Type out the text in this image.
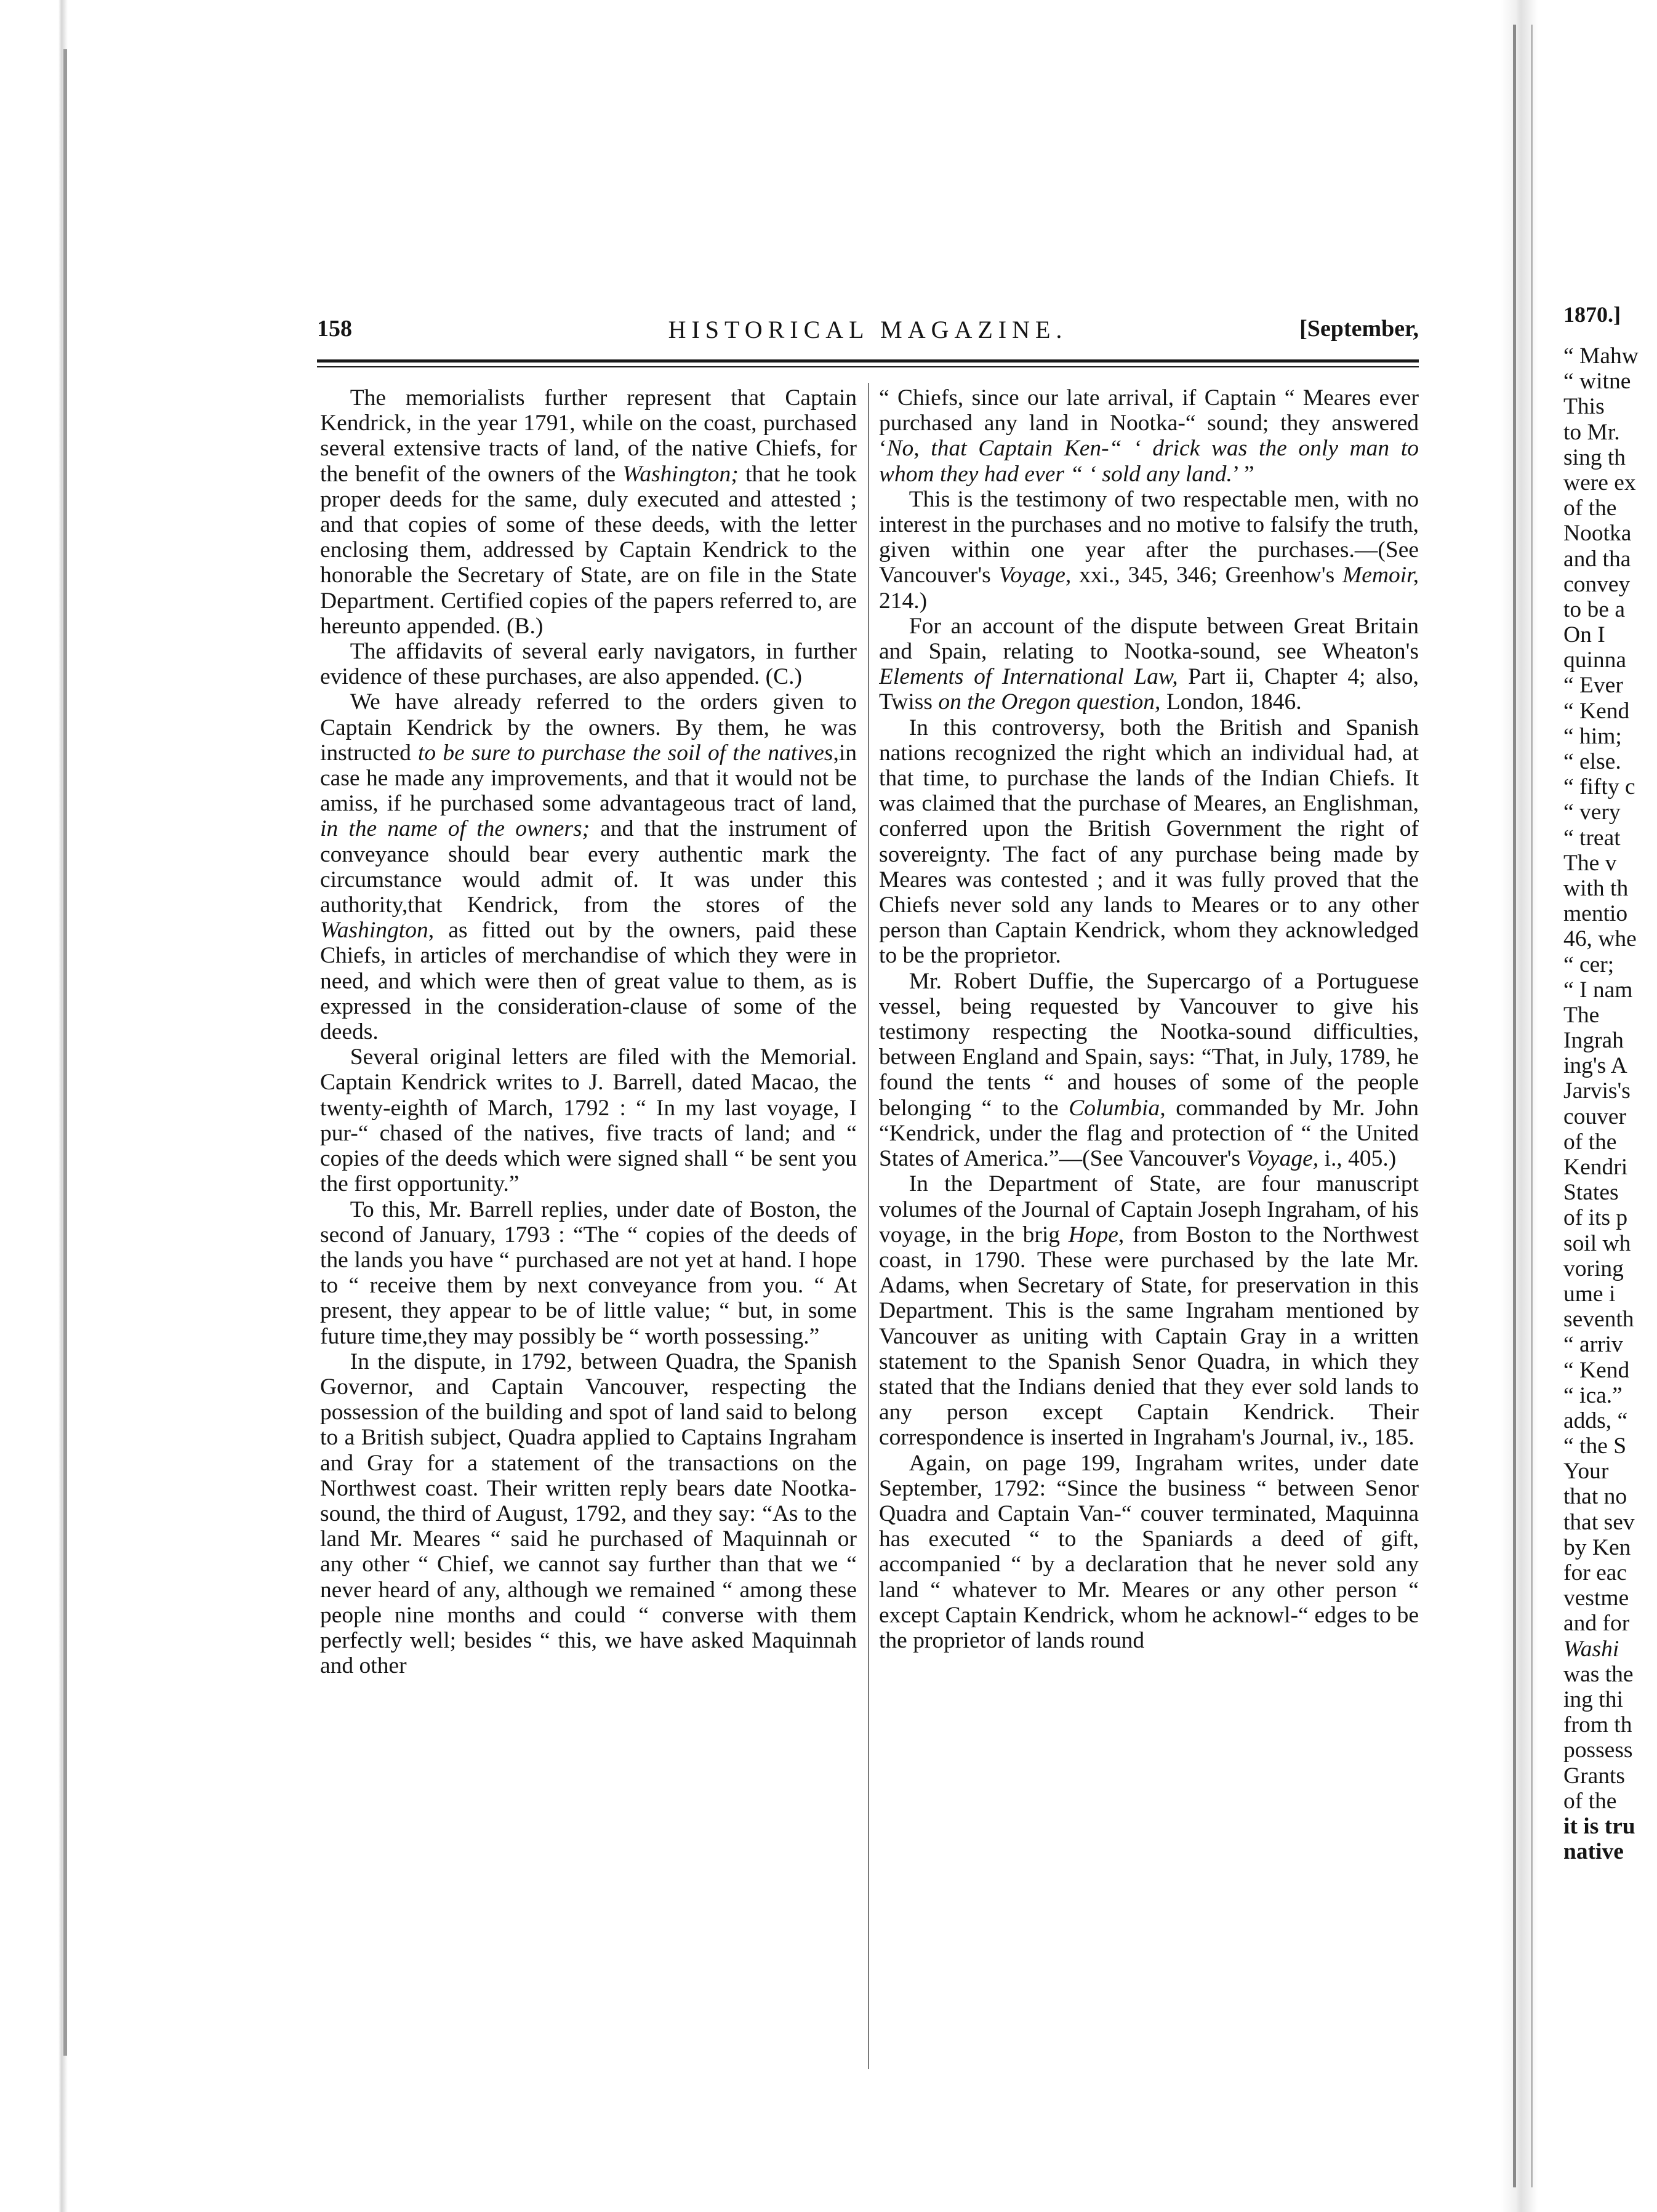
158	HISTORICAL MAGAZINE.	[September,

The memorialists further represent that Captain Kendrick, in the year 1791, while on the coast, purchased several extensive tracts of land, of the native Chiefs, for the benefit of the owners of the Washington; that he took proper deeds for the same, duly executed and attested ; and that copies of some of these deeds, with the letter enclosing them, addressed by Captain Kendrick to the honorable the Secretary of State, are on file in the State Department. Certified copies of the papers referred to, are hereunto appended. (B.)

The affidavits of several early navigators, in further evidence of these purchases, are also appended. (C.)

We have already referred to the orders given to Captain Kendrick by the owners. By them, he was instructed to be sure to purchase the soil of the natives,in case he made any improvements, and that it would not be amiss, if he purchased some advantageous tract of land, in the name of the owners; and that the instrument of conveyance should bear every authentic mark the circumstance would admit of. It was under this authority,that Kendrick, from the stores of the Washington, as fitted out by the owners, paid these Chiefs, in articles of merchandise of which they were in need, and which were then of great value to them, as is expressed in the consideration-clause of some of the deeds.

Several original letters are filed with the Memorial. Captain Kendrick writes to J. Barrell, dated Macao, the twenty-eighth of March, 1792 : “ In my last voyage, I pur-“ chased of the natives, five tracts of land; and “ copies of the deeds which were signed shall “ be sent you the first opportunity.”

To this, Mr. Barrell replies, under date of Boston, the second of January, 1793 : “The “ copies of the deeds of the lands you have “ purchased are not yet at hand. I hope to “ receive them by next conveyance from you. “ At present, they appear to be of little value; “ but, in some future time,they may possibly be “ worth possessing.”

In the dispute, in 1792, between Quadra, the Spanish Governor, and Captain Vancouver, respecting the possession of the building and spot of land said to belong to a British subject, Quadra applied to Captains Ingraham and Gray for a statement of the transactions on the Northwest coast. Their written reply bears date Nootka-sound, the third of August, 1792, and they say: “As to the land Mr. Meares “ said he purchased of Maquinnah or any other “ Chief, we cannot say further than that we “ never heard of any, although we remained “ among these people nine months and could “ converse with them perfectly well; besides “ this, we have asked Maquinnah and other

“ Chiefs, since our late arrival, if Captain “ Meares ever purchased any land in Nootka-“ sound; they answered ‘No, that Captain Ken-“ ‘ drick was the only man to whom they had ever “ ‘ sold any land.’ ”

This is the testimony of two respectable men, with no interest in the purchases and no motive to falsify the truth, given within one year after the purchases.—(See Vancouver's Voyage, xxi., 345, 346; Greenhow's Memoir, 214.)

For an account of the dispute between Great Britain and Spain, relating to Nootka-sound, see Wheaton's Elements of International Law, Part ii, Chapter 4; also, Twiss on the Oregon question, London, 1846.

In this controversy, both the British and Spanish nations recognized the right which an individual had, at that time, to purchase the lands of the Indian Chiefs. It was claimed that the purchase of Meares, an Englishman, conferred upon the British Government the right of sovereignty. The fact of any purchase being made by Meares was contested ; and it was fully proved that the Chiefs never sold any lands to Meares or to any other person than Captain Kendrick, whom they acknowledged to be the proprietor.

Mr. Robert Duffie, the Supercargo of a Portuguese vessel, being requested by Vancouver to give his testimony respecting the Nootka-sound difficulties, between England and Spain, says: “That, in July, 1789, he found the tents “ and houses of some of the people belonging “ to the Columbia, commanded by Mr. John “Kendrick, under the flag and protection of “ the United States of America.”—(See Vancouver's Voyage, i., 405.)

In the Department of State, are four manuscript volumes of the Journal of Captain Joseph Ingraham, of his voyage, in the brig Hope, from Boston to the Northwest coast, in 1790. These were purchased by the late Mr. Adams, when Secretary of State, for preservation in this Department. This is the same Ingraham mentioned by Vancouver as uniting with Captain Gray in a written statement to the Spanish Senor Quadra, in which they stated that the Indians denied that they ever sold lands to any person except Captain Kendrick. Their correspondence is inserted in Ingraham's Journal, iv., 185.

Again, on page 199, Ingraham writes, under date September, 1792: “Since the business “ between Senor Quadra and Captain Van-“ couver terminated, Maquinna has executed “ to the Spaniards a deed of gift, accompanied “ by a declaration that he never sold any land “ whatever to Mr. Meares or any other person “ except Captain Kendrick, whom he acknowl-“ edges to be the proprietor of lands round

1870.]
“ Mahw
“ witne
This
to Mr.
sing th
were ex
of the
Nootka
and tha
convey
to be a
On I
quinna
“ Ever
“ Kend
“ him;
“ else.
“ fifty c
“ very
“ treat
The v
with th
mentio
46, whe
“ cer;
“ I nam
The
Ingrah
ing's A
Jarvis's
couver
of the
Kendri
States
of its p
soil wh
voring
ume i
seventh
“ arriv
“ Kend
“ ica.”
adds, “
“ the S
Your
that no
that sev
by Ken
for eac
vestme
and for
Washi
was the
ing thi
from th
possess
Grants
of the
it is tru
native
